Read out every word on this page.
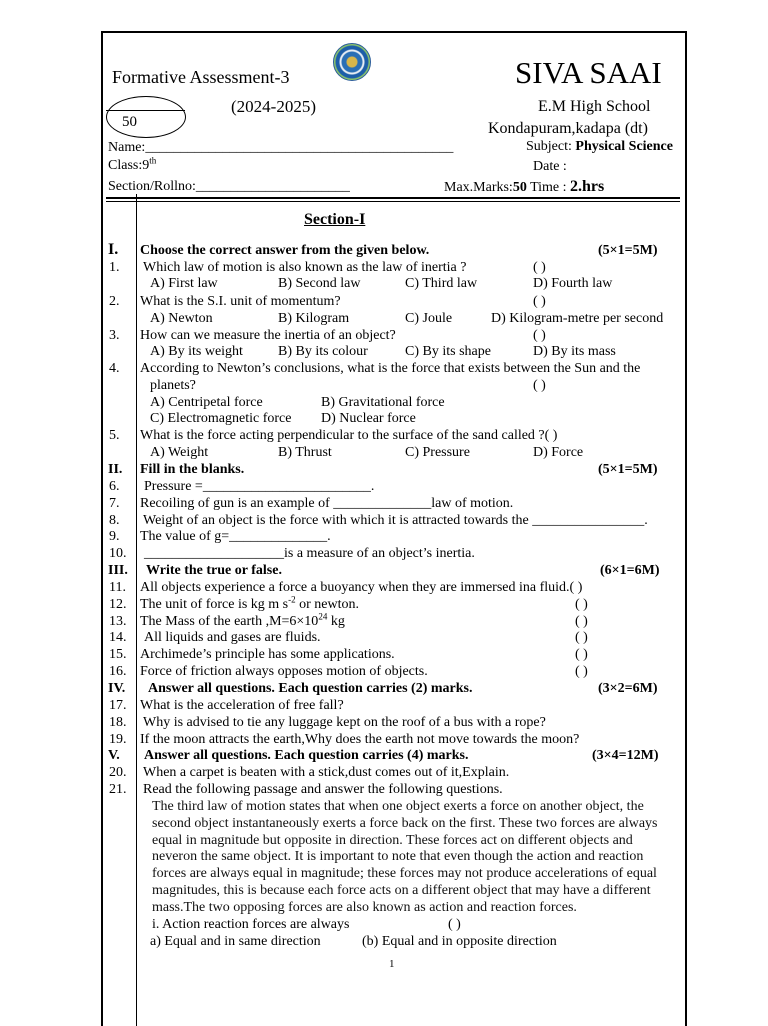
Formative Assessment-3	SIVA SAAI
(2024-2025)	E.M High School
Kondapuram,kadapa (dt)
50
Name:____________________________________________	Subject: Physical Science
Class:9th	Date :
Section/Rollno:______________________	Max.Marks:50 Time : 2.hrs
Section-I
I. Choose the correct answer from the given below.	(5×1=5M)
1. Which law of motion is also known as the law of inertia ?	( )
A) First law	B) Second law	C) Third law	D) Fourth law
2. What is the S.I. unit of momentum?	( )
A) Newton	B) Kilogram	C) Joule	D) Kilogram-metre per second
3. How can we measure the inertia of an object?	( )
A) By its weight	B) By its colour	C) By its shape	D) By its mass
4. According to Newton’s conclusions, what is the force that exists between the Sun and the
planets?	( )
A) Centripetal force	B) Gravitational force
C) Electromagnetic force D) Nuclear force
5. What is the force acting perpendicular to the surface of the sand called ?( )
A) Weight	B) Thrust	C) Pressure	D) Force
II. Fill in the blanks.	(5×1=5M)
6. Pressure =________________________.
7. Recoiling of gun is an example of ______________law of motion.
8. Weight of an object is the force with which it is attracted towards the ________________.
9. The value of g=______________.
10. ____________________is a measure of an object’s inertia.
III. Write the true or false.	(6×1=6M)
11. All objects experience a force a buoyancy when they are immersed ina fluid.( )
12. The unit of force is kg m $s^{-2}$ or newton.	( )
13. The Mass of the earth $,M=6\times 10^{24}$ kg	( )
14. All liquids and gases are fluids.	( )
15. Archimede’s principle has some applications.	( )
16. Force of friction always opposes motion of objects.	( )
IV. Answer all questions. Each question carries (2) marks.	(3×2=6M)
17. What is the acceleration of free fall?
18. Why is advised to tie any luggage kept on the roof of a bus with a rope?
19. If the moon attracts the earth,Why does the earth not move towards the moon?
V. Answer all questions. Each question carries (4) marks.	(3×4=12M)
20. When a carpet is beaten with a stick,dust comes out of it,Explain.
21. Read the following passage and answer the following questions.
The third law of motion states that when one object exerts a force on another object, the second object instantaneously exerts a force back on the first. These two forces are always equal in magnitude but opposite in direction. These forces act on different objects and neveron the same object. It is important to note that even though the action and reaction forces are always equal in magnitude; these forces may not produce accelerations of equal magnitudes, this is because each force acts on a different object that may have a different mass.The two opposing forces are also known as action and reaction forces.
i. Action reaction forces are always	( )
a) Equal and in same direction	(b) Equal and in opposite direction
1
